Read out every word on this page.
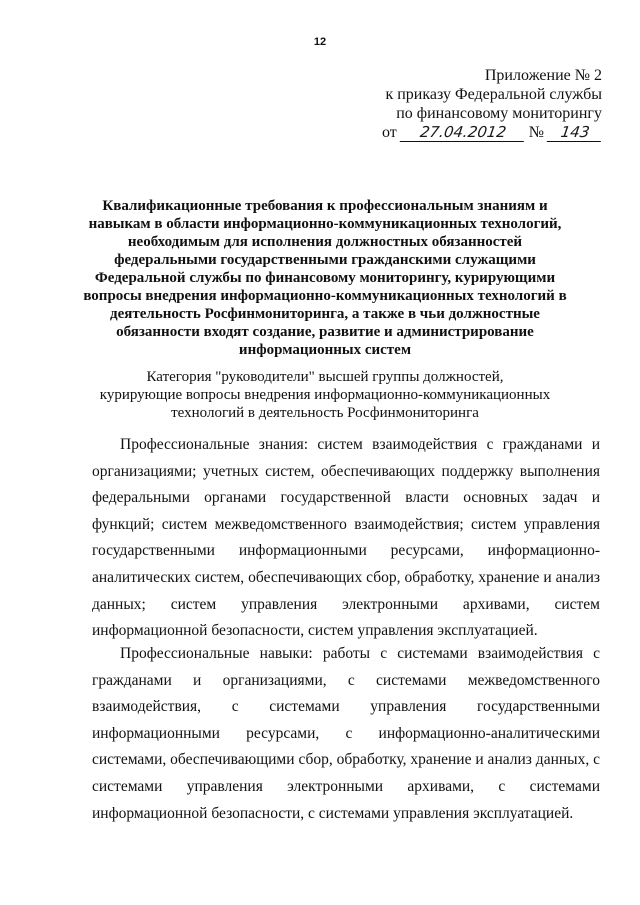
12
Приложение № 2
к приказу Федеральной службы
по финансовому мониторингу
от 27.04.2012 № 143
Квалификационные требования к профессиональным знаниям и
навыкам в области информационно-коммуникационных технологий,
необходимым для исполнения должностных обязанностей
федеральными государственными гражданскими служащими
Федеральной службы по финансовому мониторингу, курирующими
вопросы внедрения информационно-коммуникационных технологий в
деятельность Росфинмониторинга, а также в чьи должностные
обязанности входят создание, развитие и администрирование
информационных систем
Категория "руководители" высшей группы должностей,
курирующие вопросы внедрения информационно-коммуникационных
технологий в деятельность Росфинмониторинга

Профессиональные знания: систем взаимодействия с гражданами и организациями; учетных систем, обеспечивающих поддержку выполнения федеральными органами государственной власти основных задач и функций; систем межведомственного взаимодействия; систем управления государственными информационными ресурсами, информационно-аналитических систем, обеспечивающих сбор, обработку, хранение и анализ данных; систем управления электронными архивами, систем информационной безопасности, систем управления эксплуатацией.

Профессиональные навыки: работы с системами взаимодействия с гражданами и организациями, с системами межведомственного взаимодействия, с системами управления государственными информационными ресурсами, с информационно-аналитическими системами, обеспечивающими сбор, обработку, хранение и анализ данных, с системами управления электронными архивами, с системами информационной безопасности, с системами управления эксплуатацией.
